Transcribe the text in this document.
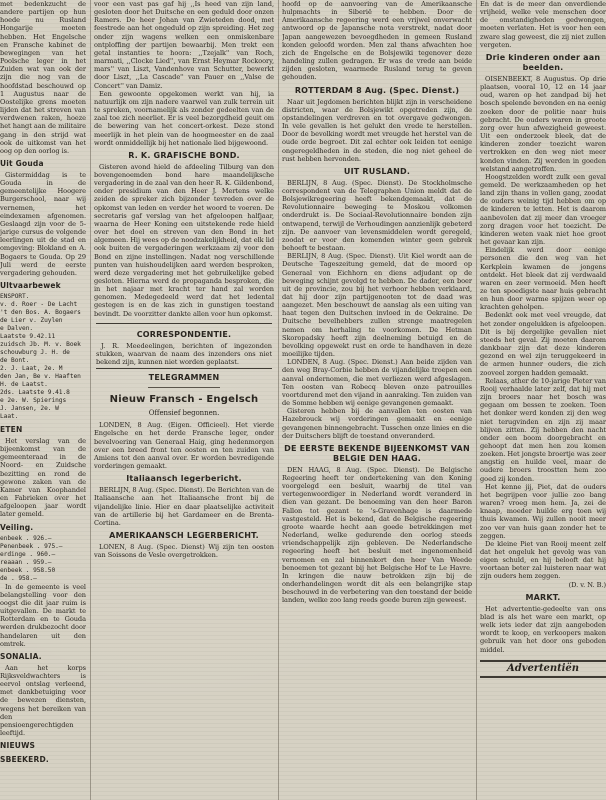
met bedenkzucht de andere partijen op hun hoede nu Rusland Hongarije moeten hebben. Het Engelsche en Fransche kabinet de bewegingen van het Poolsche leger in het Zuiden wat van ook der zijn die nog van de hoofdstad beschouwd op 1 Augustus naar de Oostelijke grens moeten lijden dat het streven van verdwenen raken, hoeze het hangt aan de militaire gang in den strijd wat ook de uitkomst van het oog op den oorlog is.

Uit Gouda

Gistermiddag is te Gouda in de gemeentelijke Hoogere Burgerschool, naar wij vernemen, het eindexamen afgenomen. Geslaagd zijn voor de 5-jarige cursus de volgende leerlingen uit de stad en omgeving: Blokland en A. Bogaers te Gouda. Op 29 Juli werd de eerste vergadering gehouden.

Ultvaarbewek
ENSPORT.
v. d. Roer - De Lacht
't den Bos. A. Bogaers
de Lier v. Zuylen
e Dalven.
Laatste 9.42.11
zuidsch Jb. M. v. Boek
schouwburg J. H. de
de Bont.
2. J. Laat, 2e. M
den Jan, Be v. Haaften
H. de Laatst.
2ds. Laatste 9.41.8
e 2e. W. Spierings
J. Jansen, 2e. W
Laat.
ETEN

Het verslag van de bijeenkomst van de gemeenteraad in de Noord- en Zuidsche bezitting en rond de gewone zaken van de Kamer van Koophandel en Fabrieken over het afgeloopen jaar wordt later gemeld.

Veiling.
enbeek . 926.–
Penenbeek . 975.–
erdinge . 960.–
reaaan . 959.–
enbeek . 958.50
de . 958.–

In de gemeente is veel belangstelling voor den oogst die dit jaar ruim is uitgevallen. De markt te Rotterdam en te Gouda werden drukbezocht door handelaren uit den omtrek.

SONALIA.

Aan het korps Rijksveldwachters is eervol ontslag verleend, met dankbetuiging voor de bewezen diensten, wegens het bereiken van den pensioengerechtigden leeftijd.

NIEUWS
SBEEKERD.

voor een vast pas gaf hij ,,Is heed van zijn land, gesloten door het Duitsche en een geduld door onzen Ramers. De heer Johan van Zwieteden dood, met feestrede aan het ongeduld op zijn spreiding. Het zeg onder zijn wagens welken een onmiskenbare ontploffing der partijen bewaarbij. Men trekt een getal instanties te hoora: ,,Tzejalk'' van Roch, marmati, ,,Clocke Lied'', van Ernst Heymar Rockoory, mars'' van Liszt, Vandenhove van Schutter, bewerkt door Liszt, ,,La Cascade'' van Pauer en ,,Valse de Concert'' van Damiz.

Een gewoonte opgekomen werkt van hij, ia natuurlijk om zijn nadere vaarwel van zulk terrein uit te spreken, voornamelijk als zonder gedeelten van de zaal toe zich neerliet. Er is veel bezorgdheid geuit om de bewering van het concert-orkest. Deze stond meerlijk in het plein van de hoogmeester en de zaal wordt onmiddellijk bij het nationale lied bijgewoond.

R. K. GRAFISCHE BOND.

Gisteren avond hield de afdeeling Tilburg van den bovengenoemden bond hare maandelijksche vergadering in de zaal van den heer R. K. Gildenbond, onder presidium van den Heer J. Mertens welke zeiden de spreker zich bijzonder tevreden over de opkomst van leden en verder het woord te voeren. De secretaris gaf verslag van het afgeloopen halfjaar, waarna de Heer Koning een uitstekende rede hield over het doel en streven van den Bond in het algemeen. Hij wees op de noodzakelijkheid, dat elk lid ook buiten de vergaderingen werkzaam zij voor den Bond en zijne instellingen. Nadat nog verschillende punten van huishoudelijken aard werden besproken, werd deze vergadering met het gebruikelijke gebed gesloten. Hierna werd de propaganda besproken, die in het najaar met kracht ter hand zal worden genomen. Medegedeeld werd dat het ledental gestegen is en de kas zich in gunstigen toestand bevindt. De voorzitter dankte allen voor hun opkomst.

CORRESPONDENTIE.

J. R. Meedeelingen, berichten of ingezonden stukken, waarvan de naam des inzenders ons niet bekend zijn, kunnen niet worden geplaatst.

TELEGRAMMEN
Nieuw Fransch - Engelsch
Offensief begonnen.

LONDEN, 8 Aug. (Eigen. Officieel). Het vierde Engelsche en het derde Fransche leger, onder bevelvoering van Generaal Haig, ging hedenmorgen over een breed front ten oosten en ten zuiden van Amiens tot den aanval over. Er worden bevredigende vorderingen gemaakt.

Italiaansch legerbericht.

BERLIJN, 8 Aug. (Spec. Dienst). De Berichten van de Italiaansche aan het Italiaansche front bij de vijandelijke linie. Hier en daar plaatselijke activiteit van de artillerie bij het Gardameer en de Brenta-Cortina.

AMERIKAANSCH LEGERBERICHT.

LONEN, 8 Aug. (Spec. Dienst) Wij zijn ten oosten van Soissons de Vesle overgetrokken.

hoofd op de aanvoering van de Amerikaansche hulpmachts in Siberië te hebben. Door de Amerikaansche regeering werd een vrijwel onverwacht antwoord op de Japansche nota verstrekt, nadat door Japan aangewezen bevoegdheden in gemeen Rusland konden geloofd worden. Men zal thans afwachten hoe zich de Engelsche en de Bolsjewiki tegenover deze handeling zullen gedragen. Er was de vrede aan beide zijden gesloten, waarmede Rusland terug te geven gehouden.

ROTTERDAM 8 Aug. (Spec. Dienst.)

Naar uit Jegdomen berichten blijkt zijn in verscheidene districten, waar de Bolsjewikt opgetreden zijn, de opstandelingen verdreven en tot overgave gedwongen. In vele gevallen is het gelukt den vrede te herstellen. Door de bevolking wordt met vreugde het herstel van de oude orde begroet. Dit zal echter ook leiden tot eenige ongeregeldheden in de steden, die nog niet geheel de rust hebben hervonden.

UIT RUSLAND.

BERLIJN, 8 Aug. (Spec. Dienst). De Stockholmsche correspondent van de Telegraphen Union meldt dat de Bolsjewikregeering heeft bekendgemaakt, dat de Revolutionnaire beweging te Moskou volkomen onderdrukt is. De Sociaal-Revolutionnaire bonden zijn ontwapend, terwijl de Verhoudingen aanzienlijk gebeterd zijn. De aanvoer van levensmiddelen wordt geregeld, zoodat er voor den komenden winter geen gebrek behoeft te bestaan.

BERLIJN, 8 Aug. (Spec. Dienst). Uit Kiel wordt aan de Deutsche Tageszeitung gemeld, dat de moord op Generaal von Eichhorn en diens adjudant op de beweging schijnt gevolgd te hebben. De dader, een boer uit de provincie, zou bij het verhoor hebben verklaard, dat hij door zijn partijgenooten tot de daad was aangezet. Men beschouwt de aanslag als een uiting van haat tegen den Duitschen invloed in de Oekraine. De Duitsche bevelhebbers zullen strenge maatregelen nemen om herhaling te voorkomen. De Hetman Skoropadsky heeft zijn deelneming betuigd en de bevolking opgewekt rust en orde te handhaven in deze moeilijke tijden.

LONDEN, 8 Aug. (Spec. Dienst.) Aan beide zijden van den weg Bray-Corbie hebben de vijandelijke troepen een aanval ondernomen, die met verliezen werd afgeslagen. Ten oosten van Robecq bleven onze patrouilles voortdurend met den vijand in aanraking. Ten zuiden van de Somme hebben wij eenige gevangenen gemaakt.

Gisteren hebben bij de aanvallen ten oosten van Hazebrouck wij vorderingen gemaakt en eenige gevangenen binnengebracht. Tusschen onze linies en die der Duitschers blijft de toestand onveranderd.

DE EERSTE BEKENDE BIJEENKOMST VAN BELGIE DEN HAAG.

DEN HAAG, 8 Aug. (Spec. Dienst). De Belgische Regeering heeft ter ondertekening van den Koning voorgelegd een besluit, waarbij de titel van vertegenwoordiger in Nederland wordt veranderd in dien van gezant. De benoeming van den heer Baron Fallon tot gezant te 's-Gravenhage is daarmede vastgesteld. Het is bekend, dat de Belgische regeering groote waarde hecht aan goede betrekkingen met Nederland, welke gedurende den oorlog steeds vriendschappelijk zijn gebleven. De Nederlandsche regeering heeft het besluit met ingenomenheid vernomen en zal binnenkort den heer Van Weede benoemen tot gezant bij het Belgische Hof te Le Havre. In kringen die nauw betrokken zijn bij de onderhandelingen wordt dit als een belangrijke stap beschouwd in de verbetering van den toestand der beide landen, welke zoo lang reeds goede buren zijn geweest.

En dat is de meer dan onverdiende vrijheid, welke vele menschen door de omstandigheden gedwongen, moeten verlaten. Het is voor hen een zware slag geweest, die zij niet zullen vergeten.

Drie kinderen onder aan beelden.

OISENBEEKT, 8 Augustus. Op drie plaatsen, vooral 10, 12 en 14 jaar oud, waren op het zandpad bij het bosch spelende bevonden en na eenig zoeken door de politie naar huis gebracht. De ouders waren in groote zorg over hun afwezigheid geweest. Uit een onderzoek bleek, dat de kinderen zonder toezicht waren vertrokken en den weg niet meer konden vinden. Zij werden in goeden welstand aangetroffen.

Hoogstzelden wordt zulk een geval gemeld. De werkzaamheden op het land zijn thans in vollen gang, zoodat de ouders weinig tijd hebben om op de kinderen te letten. Het is daarom aanbevolen dat zij meer dan vroeger zorg dragen voor het toezicht. De kinderen weten vaak niet hoe groot het gevaar kan zijn.

Eindelijk werd door eenige personen die den weg van het Kerkplein kwamen de jongens ontdekt. Het bleek dat zij verdwaald waren en zeer vermoeid. Men heeft ze ten spoedigste naar huis gebracht en hun door warme spijzen weer op krachten geholpen.

Bedenkt ook met veel vreugde, dat het zonder ongelukken is afgeloopen. Dit is bij dergelijke gevallen niet steeds het geval. Zij moeten daarom dankbaar zijn dat deze kinderen gezond en wel zijn teruggekeerd in de armen hunner ouders, die zich zooveel zorgen hadden gemaakt.

Relaas, ather de 10-jarige Pieter van Rooij verhaalde later zelf, dat hij met zijn broers naar het bosch was gegaan om bessen te zoeken. Toen het donker werd konden zij den weg niet terugvinden en zijn zij maar blijven zitten. Zij hebben den nacht onder een boom doorgebracht en gehoopt dat men hen zou komen zoeken. Het jongste broertje was zeer angstig en huilde veel, maar de oudere broers troostten hem zoo goed zij konden.

Het kenne jij, Piet, dat de ouders het begrijpen voor jullie zoo bang waren? vroeg men hem. Ja, zei de knaap, moeder huilde erg toen wij thuis kwamen. Wij zullen nooit meer zoo ver van huis gaan zonder het te zeggen.

De kleine Piet van Rooij meent zelf dat het ongeluk het gevolg was van eigen schuld, en hij belooft dat hij voortaan beter zal luisteren naar wat zijn ouders hem zeggen.

(D. v. N. B.)
MARKT.

Het advertentie-gedeelte van ons blad is als het ware een markt, op welk iets ieder dat zijn aangeboden wordt te koop, en verkoopers maken gebruik van het door ons geboden middel.

Advertentiën
